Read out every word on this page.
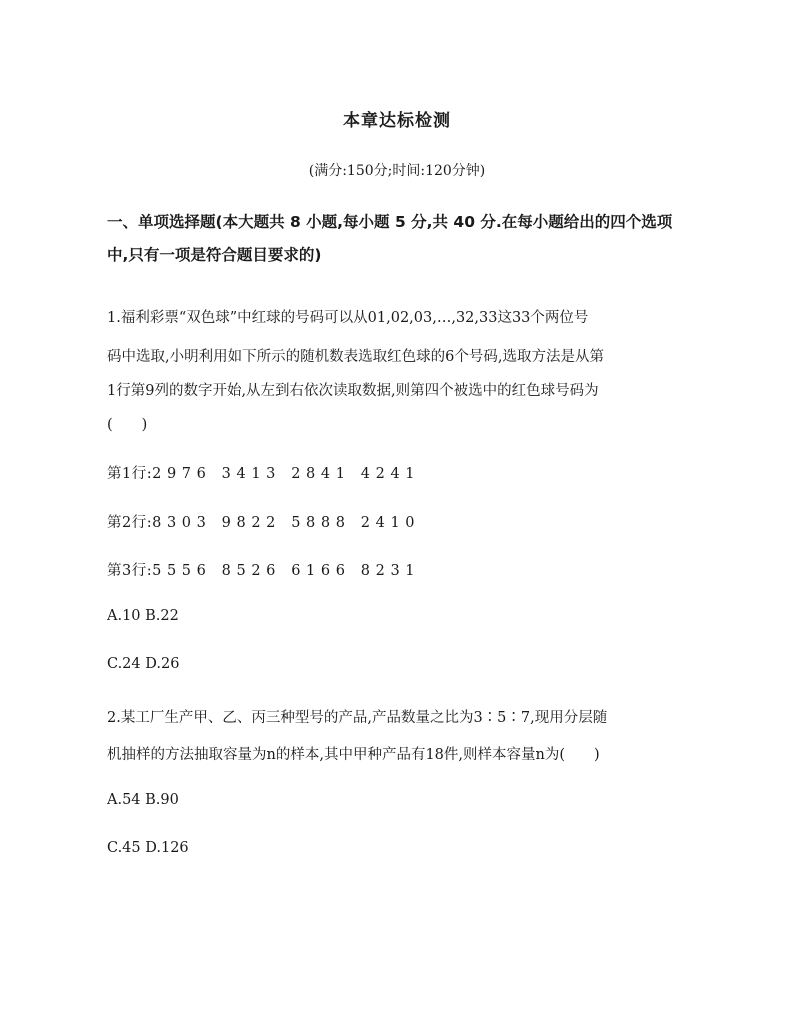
本章达标检测
(满分:150分;时间:120分钟)
一、单项选择题(本大题共 8 小题,每小题 5 分,共 40 分.在每小题给出的四个选项
中,只有一项是符合题目要求的)
1.福利彩票“双色球”中红球的号码可以从01,02,03,…,32,33这33个两位号
码中选取,小明利用如下所示的随机数表选取红色球的6个号码,选取方法是从第
1行第9列的数字开始,从左到右依次读取数据,则第四个被选中的红色球号码为
(　　)
第1行:2 9 7 6   3 4 1 3   2 8 4 1   4 2 4 1
第2行:8 3 0 3   9 8 2 2   5 8 8 8   2 4 1 0
第3行:5 5 5 6   8 5 2 6   6 1 6 6   8 2 3 1
A.10 B.22
C.24 D.26
2.某工厂生产甲、乙、丙三种型号的产品,产品数量之比为3∶5∶7,现用分层随
机抽样的方法抽取容量为n的样本,其中甲种产品有18件,则样本容量n为(　　)
A.54 B.90
C.45 D.126
